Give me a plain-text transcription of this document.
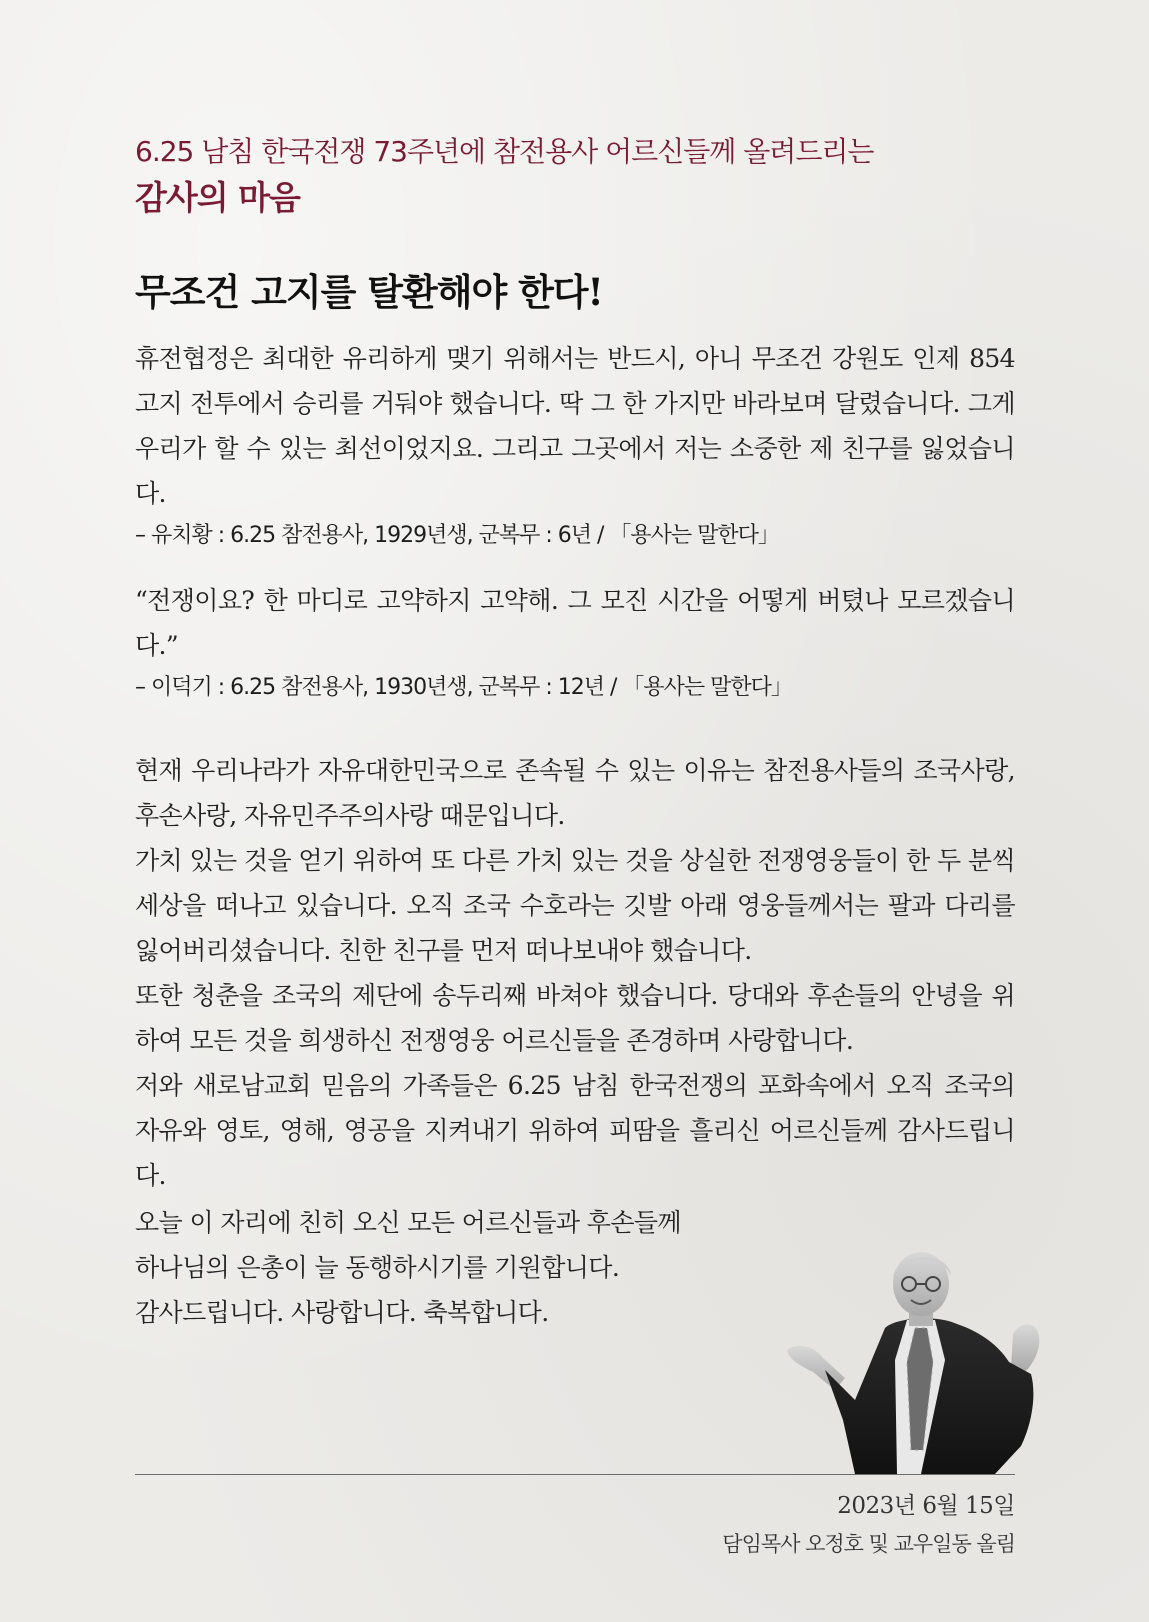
6.25 남침 한국전쟁 73주년에 참전용사 어르신들께 올려드리는
감사의 마음
무조건 고지를 탈환해야 한다!

휴전협정은 최대한 유리하게 맺기 위해서는 반드시, 아니 무조건 강원도 인제 854고지 전투에서 승리를 거둬야 했습니다. 딱 그 한 가지만 바라보며 달렸습니다. 그게 우리가 할 수 있는 최선이었지요. 그리고 그곳에서 저는 소중한 제 친구를 잃었습니다.

– 유치황 : 6.25 참전용사, 1929년생, 군복무 : 6년 / 「용사는 말한다」

“전쟁이요? 한 마디로 고약하지 고약해. 그 모진 시간을 어떻게 버텼나 모르겠습니다.”

– 이덕기 : 6.25 참전용사, 1930년생, 군복무 : 12년 / 「용사는 말한다」

현재 우리나라가 자유대한민국으로 존속될 수 있는 이유는 참전용사들의 조국사랑, 후손사랑, 자유민주주의사랑 때문입니다.

가치 있는 것을 얻기 위하여 또 다른 가치 있는 것을 상실한 전쟁영웅들이 한 두 분씩 세상을 떠나고 있습니다. 오직 조국 수호라는 깃발 아래 영웅들께서는 팔과 다리를 잃어버리셨습니다. 친한 친구를 먼저 떠나보내야 했습니다.

또한 청춘을 조국의 제단에 송두리째 바쳐야 했습니다. 당대와 후손들의 안녕을 위하여 모든 것을 희생하신 전쟁영웅 어르신들을 존경하며 사랑합니다.

저와 새로남교회 믿음의 가족들은 6.25 남침 한국전쟁의 포화속에서 오직 조국의 자유와 영토, 영해, 영공을 지켜내기 위하여 피땀을 흘리신 어르신들께 감사드립니다.

오늘 이 자리에 친히 오신 모든 어르신들과 후손들께

하나님의 은총이 늘 동행하시기를 기원합니다.

감사드립니다. 사랑합니다. 축복합니다.

2023년 6월 15일

담임목사 오정호 및 교우일동 올림
